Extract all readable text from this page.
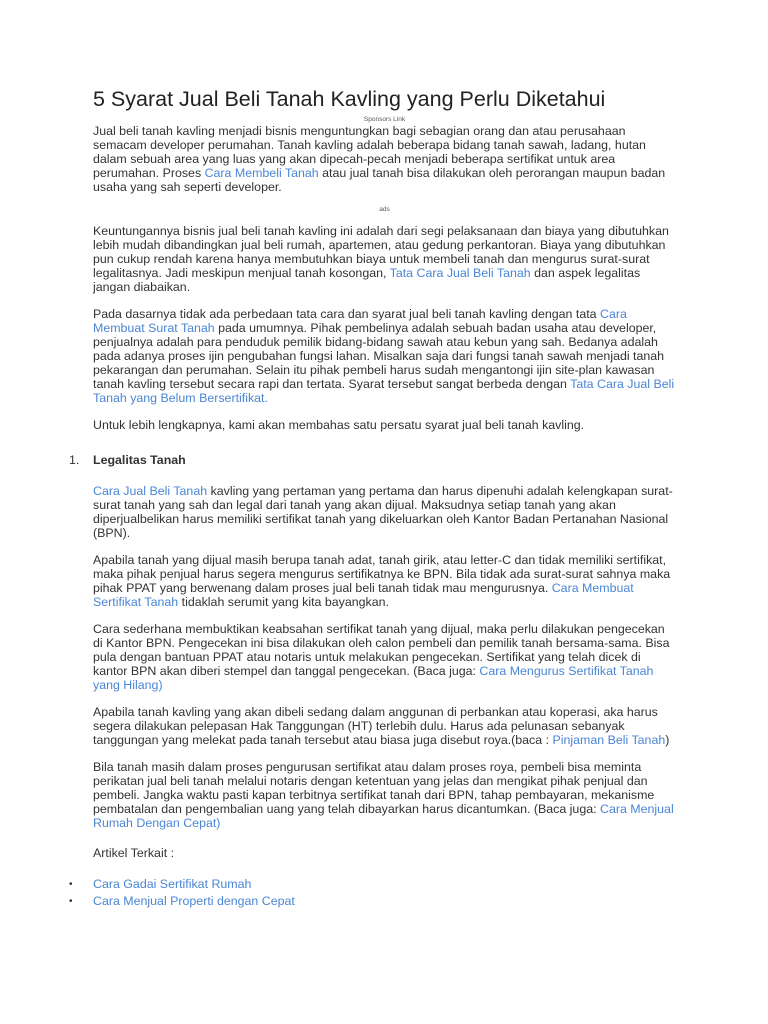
5 Syarat Jual Beli Tanah Kavling yang Perlu Diketahui
Sponsors Link

Jual beli tanah kavling menjadi bisnis menguntungkan bagi sebagian orang dan atau perusahaan semacam developer perumahan. Tanah kavling adalah beberapa bidang tanah sawah, ladang, hutan dalam sebuah area yang luas yang akan dipecah-pecah menjadi beberapa sertifikat untuk area perumahan. Proses Cara Membeli Tanah atau jual tanah bisa dilakukan oleh perorangan maupun badan usaha yang sah seperti developer.

ads

Keuntungannya bisnis jual beli tanah kavling ini adalah dari segi pelaksanaan dan biaya yang dibutuhkan lebih mudah dibandingkan jual beli rumah, apartemen, atau gedung perkantoran. Biaya yang dibutuhkan pun cukup rendah karena hanya membutuhkan biaya untuk membeli tanah dan mengurus surat-surat legalitasnya. Jadi meskipun menjual tanah kosongan, Tata Cara Jual Beli Tanah dan aspek legalitas jangan diabaikan.

Pada dasarnya tidak ada perbedaan tata cara dan syarat jual beli tanah kavling dengan tata Cara Membuat Surat Tanah pada umumnya. Pihak pembelinya adalah sebuah badan usaha atau developer, penjualnya adalah para penduduk pemilik bidang-bidang sawah atau kebun yang sah. Bedanya adalah pada adanya proses ijin pengubahan fungsi lahan. Misalkan saja dari fungsi tanah sawah menjadi tanah pekarangan dan perumahan. Selain itu pihak pembeli harus sudah mengantongi ijin site-plan kawasan tanah kavling tersebut secara rapi dan tertata. Syarat tersebut sangat berbeda dengan Tata Cara Jual Beli Tanah yang Belum Bersertifikat.

Untuk lebih lengkapnya, kami akan membahas satu persatu syarat jual beli tanah kavling.

1. Legalitas Tanah

Cara Jual Beli Tanah kavling yang pertaman yang pertama dan harus dipenuhi adalah kelengkapan surat-surat tanah yang sah dan legal dari tanah yang akan dijual. Maksudnya setiap tanah yang akan diperjualbelikan harus memiliki sertifikat tanah yang dikeluarkan oleh Kantor Badan Pertanahan Nasional (BPN).

Apabila tanah yang dijual masih berupa tanah adat, tanah girik, atau letter-C dan tidak memiliki sertifikat, maka pihak penjual harus segera mengurus sertifikatnya ke BPN. Bila tidak ada surat-surat sahnya maka pihak PPAT yang berwenang dalam proses jual beli tanah tidak mau mengurusnya. Cara Membuat Sertifikat Tanah tidaklah serumit yang kita bayangkan.

Cara sederhana membuktikan keabsahan sertifikat tanah yang dijual, maka perlu dilakukan pengecekan di Kantor BPN. Pengecekan ini bisa dilakukan oleh calon pembeli dan pemilik tanah bersama-sama. Bisa pula dengan bantuan PPAT atau notaris untuk melakukan pengecekan. Sertifikat yang telah dicek di kantor BPN akan diberi stempel dan tanggal pengecekan. (Baca juga: Cara Mengurus Sertifikat Tanah yang Hilang)

Apabila tanah kavling yang akan dibeli sedang dalam anggunan di perbankan atau koperasi, aka harus segera dilakukan pelepasan Hak Tanggungan (HT) terlebih dulu. Harus ada pelunasan sebanyak tanggungan yang melekat pada tanah tersebut atau biasa juga disebut roya.(baca : Pinjaman Beli Tanah)

Bila tanah masih dalam proses pengurusan sertifikat atau dalam proses roya, pembeli bisa meminta perikatan jual beli tanah melalui notaris dengan ketentuan yang jelas dan mengikat pihak penjual dan pembeli. Jangka waktu pasti kapan terbitnya sertifikat tanah dari BPN, tahap pembayaran, mekanisme pembatalan dan pengembalian uang yang telah dibayarkan harus dicantumkan. (Baca juga: Cara Menjual Rumah Dengan Cepat)

Artikel Terkait :

• Cara Gadai Sertifikat Rumah
• Cara Menjual Properti dengan Cepat
